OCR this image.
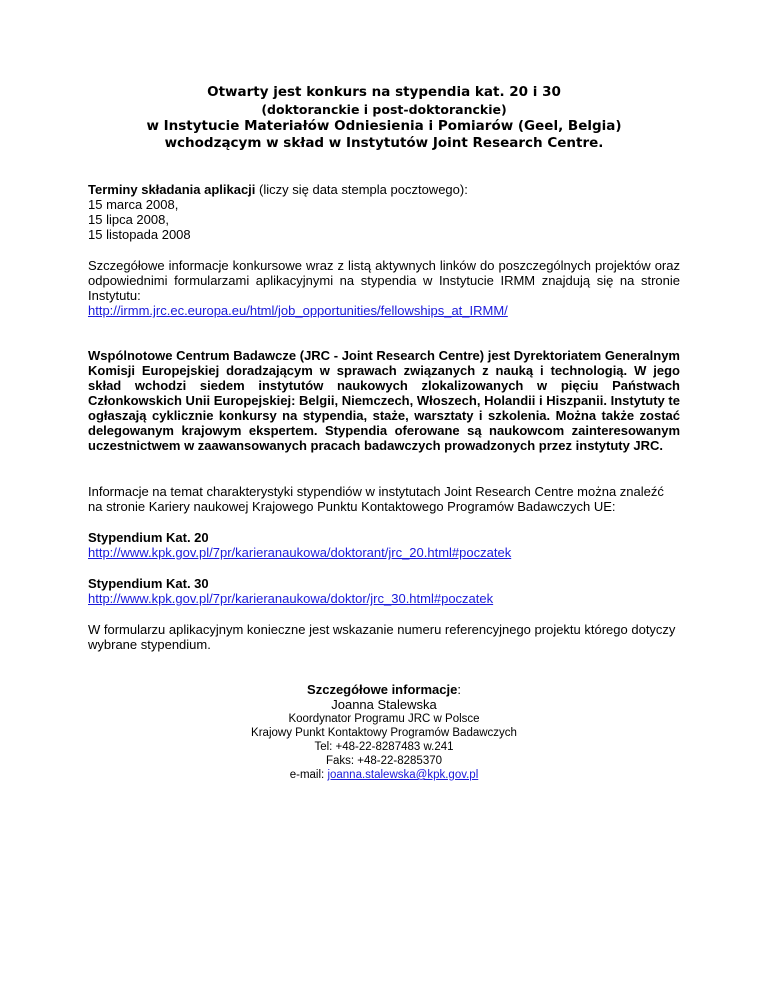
Otwarty jest konkurs na stypendia kat. 20 i 30
(doktoranckie i post-doktoranckie)
w Instytucie Materiałów Odniesienia i Pomiarów (Geel, Belgia)
wchodzącym w skład w Instytutów Joint Research Centre.
Terminy składania aplikacji (liczy się data stempla pocztowego):
15 marca 2008,
15 lipca 2008,
15 listopada 2008
Szczegółowe informacje konkursowe wraz z listą aktywnych linków do poszczególnych projektów oraz odpowiednimi formularzami aplikacyjnymi na stypendia w Instytucie IRMM znajdują się na stronie Instytutu:
http://irmm.jrc.ec.europa.eu/html/job_opportunities/fellowships_at_IRMM/
Wspólnotowe Centrum Badawcze (JRC - Joint Research Centre) jest Dyrektoriatem Generalnym Komisji Europejskiej doradzającym w sprawach związanych z nauką i technologią. W jego skład wchodzi siedem instytutów naukowych zlokalizowanych w pięciu Państwach Członkowskich Unii Europejskiej: Belgii, Niemczech, Włoszech, Holandii i Hiszpanii. Instytuty te ogłaszają cyklicznie konkursy na stypendia, staże, warsztaty i szkolenia. Można także zostać delegowanym krajowym ekspertem. Stypendia oferowane są naukowcom zainteresowanym uczestnictwem w zaawansowanych pracach badawczych prowadzonych przez instytuty JRC.
Informacje na temat charakterystyki stypendiów w instytutach Joint Research Centre można znaleźć na stronie Kariery naukowej Krajowego Punktu Kontaktowego Programów Badawczych UE:
Stypendium Kat. 20
http://www.kpk.gov.pl/7pr/karieranaukowa/doktorant/jrc_20.html#poczatek
Stypendium Kat. 30
http://www.kpk.gov.pl/7pr/karieranaukowa/doktor/jrc_30.html#poczatek
W formularzu aplikacyjnym konieczne jest wskazanie numeru referencyjnego projektu którego dotyczy wybrane stypendium.
Szczegółowe informacje:
Joanna Stalewska
Koordynator Programu JRC w Polsce
Krajowy Punkt Kontaktowy Programów Badawczych
Tel: +48-22-8287483 w.241
Faks: +48-22-8285370
e-mail: joanna.stalewska@kpk.gov.pl
